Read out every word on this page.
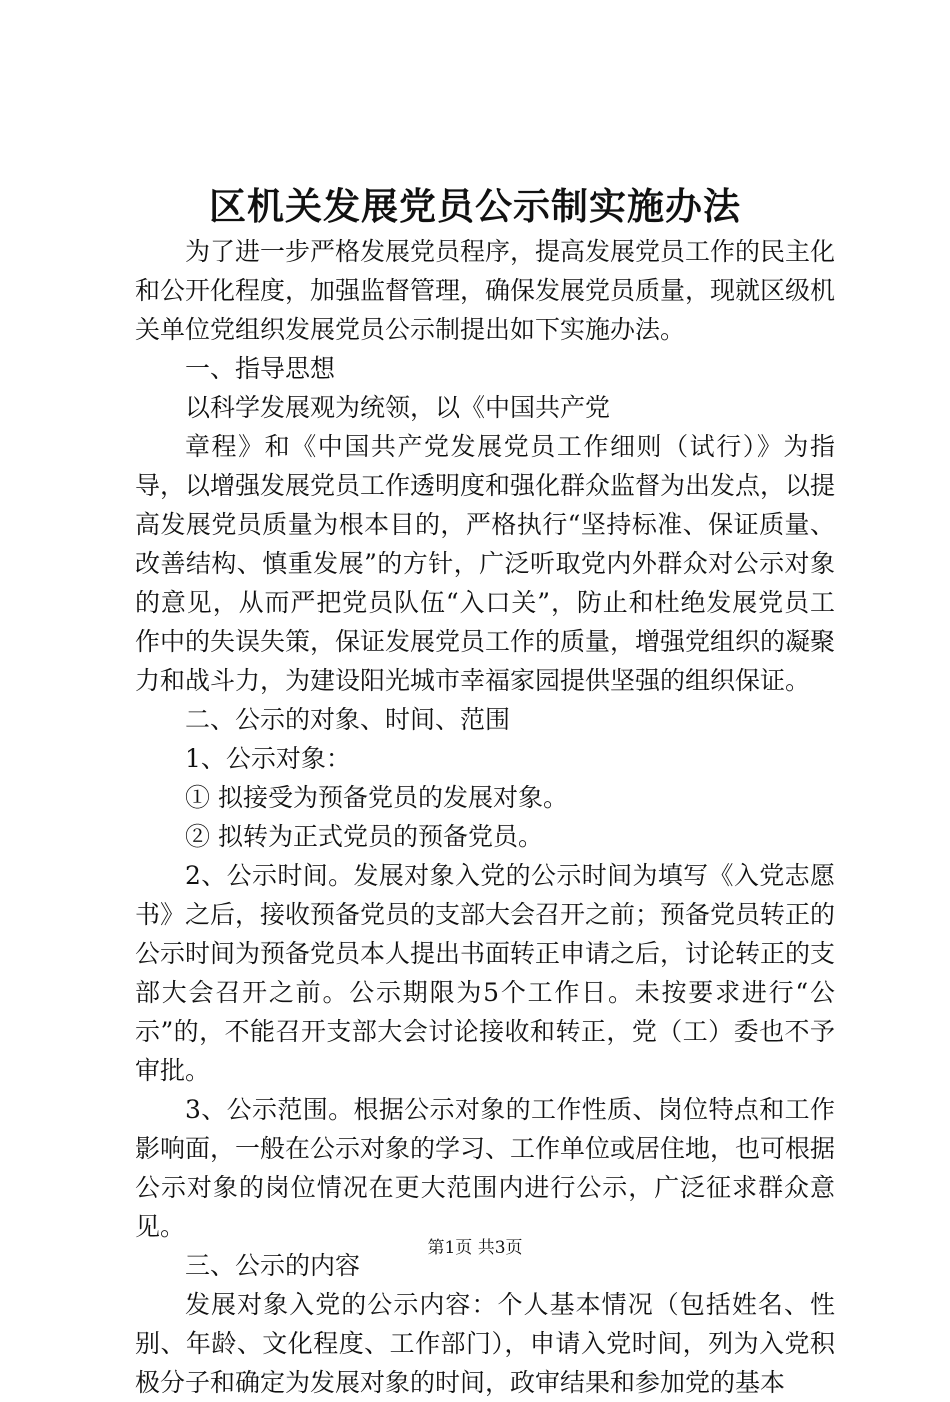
区机关发展党员公示制实施办法

为了进一步严格发展党员程序，提高发展党员工作的民主化和公开化程度，加强监督管理，确保发展党员质量，现就区级机关单位党组织发展党员公示制提出如下实施办法。

一、指导思想

以科学发展观为统领，以《中国共产党

章程》和《中国共产党发展党员工作细则（试行）》为指导，以增强发展党员工作透明度和强化群众监督为出发点，以提高发展党员质量为根本目的，严格执行“坚持标准、保证质量、改善结构、慎重发展”的方针，广泛听取党内外群众对公示对象的意见，从而严把党员队伍“入口关”，防止和杜绝发展党员工作中的失误失策，保证发展党员工作的质量，增强党组织的凝聚力和战斗力，为建设阳光城市幸福家园提供坚强的组织保证。

二、公示的对象、时间、范围

1、公示对象：

① 拟接受为预备党员的发展对象。

② 拟转为正式党员的预备党员。

2、公示时间。发展对象入党的公示时间为填写《入党志愿书》之后，接收预备党员的支部大会召开之前；预备党员转正的公示时间为预备党员本人提出书面转正申请之后，讨论转正的支部大会召开之前。公示期限为5个工作日。未按要求进行“公示”的，不能召开支部大会讨论接收和转正，党（工）委也不予审批。

3、公示范围。根据公示对象的工作性质、岗位特点和工作影响面，一般在公示对象的学习、工作单位或居住地，也可根据公示对象的岗位情况在更大范围内进行公示，广泛征求群众意见。

三、公示的内容

发展对象入党的公示内容：个人基本情况（包括姓名、性别、年龄、文化程度、工作部门），申请入党时间，列为入党积极分子和确定为发展对象的时间，政审结果和参加党的基本

第1页 共3页
